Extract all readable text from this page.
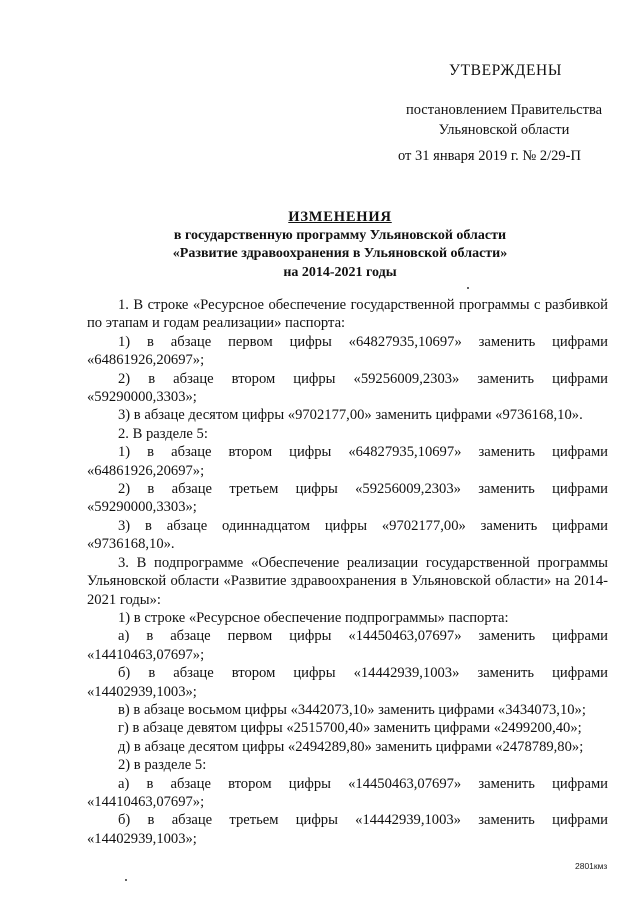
УТВЕРЖДЕНЫ
постановлением Правительства
Ульяновской области
от 31 января 2019 г. № 2/29-П
ИЗМЕНЕНИЯ
в государственную программу Ульяновской области
«Развитие здравоохранения в Ульяновской области»
на 2014-2021 годы

1. В строке «Ресурсное обеспечение государственной программы с разбивкой по этапам и годам реализации» паспорта:

1) в абзаце первом цифры «64827935,10697» заменить цифрами «64861926,20697»;

2) в абзаце втором цифры «59256009,2303» заменить цифрами «59290000,3303»;

3) в абзаце десятом цифры «9702177,00» заменить цифрами «9736168,10».

2. В разделе 5:

1) в абзаце втором цифры «64827935,10697» заменить цифрами «64861926,20697»;

2) в абзаце третьем цифры «59256009,2303» заменить цифрами «59290000,3303»;

3) в абзаце одиннадцатом цифры «9702177,00» заменить цифрами «9736168,10».

3. В подпрограмме «Обеспечение реализации государственной программы Ульяновской области «Развитие здравоохранения в Ульяновской области» на 2014-2021 годы»:

1) в строке «Ресурсное обеспечение подпрограммы» паспорта:

а) в абзаце первом цифры «14450463,07697» заменить цифрами «14410463,07697»;

б) в абзаце втором цифры «14442939,1003» заменить цифрами «14402939,1003»;

в) в абзаце восьмом цифры «3442073,10» заменить цифрами «3434073,10»;

г) в абзаце девятом цифры «2515700,40» заменить цифрами «2499200,40»;

д) в абзаце десятом цифры «2494289,80» заменить цифрами «2478789,80»;

2) в разделе 5:

а) в абзаце втором цифры «14450463,07697» заменить цифрами «14410463,07697»;

б) в абзаце третьем цифры «14442939,1003» заменить цифрами «14402939,1003»;

2801кмз
